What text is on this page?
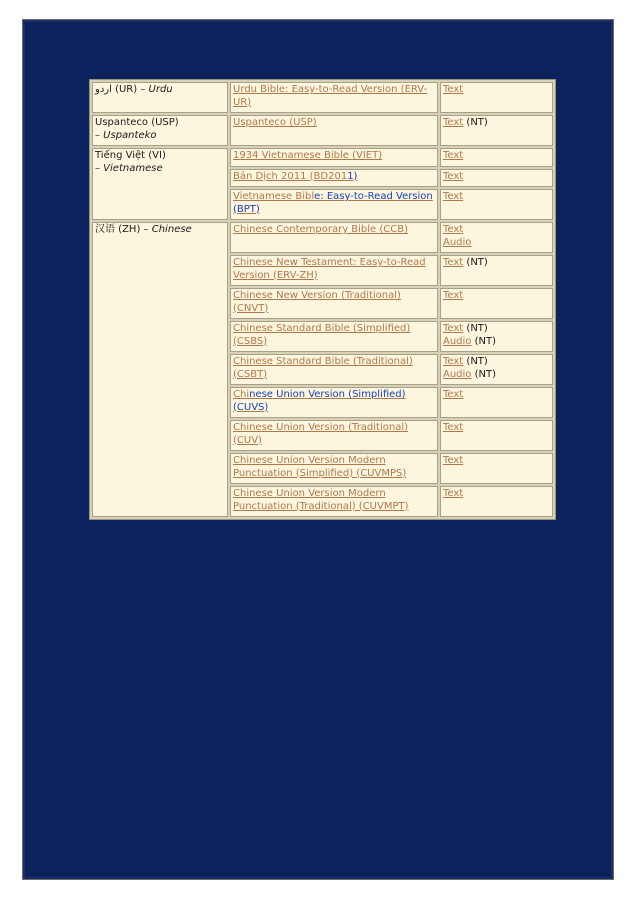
اردو (UR) – Urdu	Urdu Bible: Easy-to-Read Version (ERV-UR)	Text

Uspanteco (USP)
– Uspanteko	Uspanteco (USP)	Text (NT)

Tiếng Việt (VI)
– Vietnamese	1934 Vietnamese Bible (VIET)	Text
	Bản Dịch 2011 (BD2011)	Text
	Vietnamese Bible: Easy-to-Read Version (BPT)	Text
汉语 (ZH) – Chinese	Chinese Contemporary Bible (CCB)	Text
Audio

	Chinese New Testament: Easy-to-Read Version (ERV-ZH)	Text (NT)
	Chinese New Version (Traditional) (CNVT)	Text
	Chinese Standard Bible (Simplified) (CSBS)	Text (NT)
Audio (NT)

	Chinese Standard Bible (Traditional) (CSBT)	Text (NT)
Audio (NT)

	Chinese Union Version (Simplified) (CUVS)	Text
	Chinese Union Version (Traditional) (CUV)	Text
	Chinese Union Version Modern Punctuation (Simplified) (CUVMPS)	Text
	Chinese Union Version Modern Punctuation (Traditional) (CUVMPT)	Text
